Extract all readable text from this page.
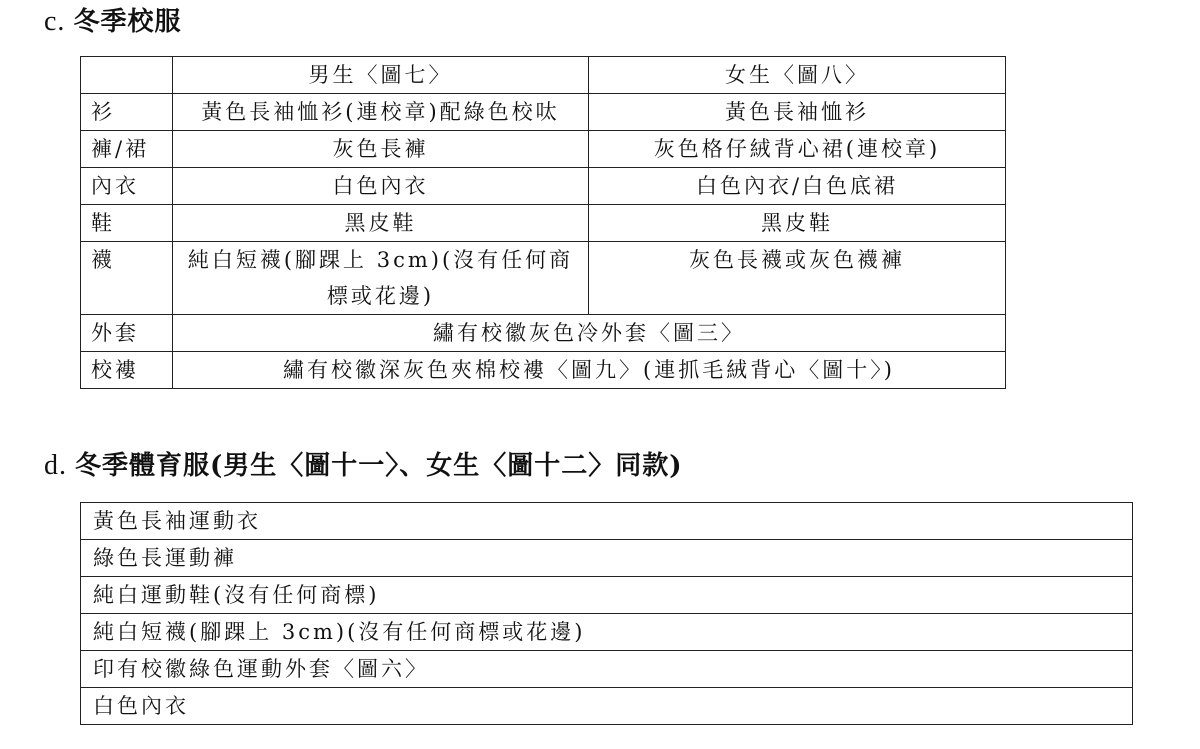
c. 冬季校服
	男生〈圖七〉	女生〈圖八〉
衫	黃色長袖恤衫(連校章)配綠色校呔	黃色長袖恤衫
褲/裙	灰色長褲	灰色格仔絨背心裙(連校章)
內衣	白色內衣	白色內衣/白色底裙
鞋	黑皮鞋	黑皮鞋
襪	純白短襪(腳踝上 3cm)(沒有任何商標或花邊)	灰色長襪或灰色襪褲
外套	繡有校徽灰色冷外套〈圖三〉	
校褸	繡有校徽深灰色夾棉校褸〈圖九〉(連抓毛絨背心〈圖十〉)	
d. 冬季體育服(男生〈圖十一〉、女生〈圖十二〉同款)
黃色長袖運動衣
綠色長運動褲
純白運動鞋(沒有任何商標)
純白短襪(腳踝上 3cm)(沒有任何商標或花邊)
印有校徽綠色運動外套〈圖六〉
白色內衣
